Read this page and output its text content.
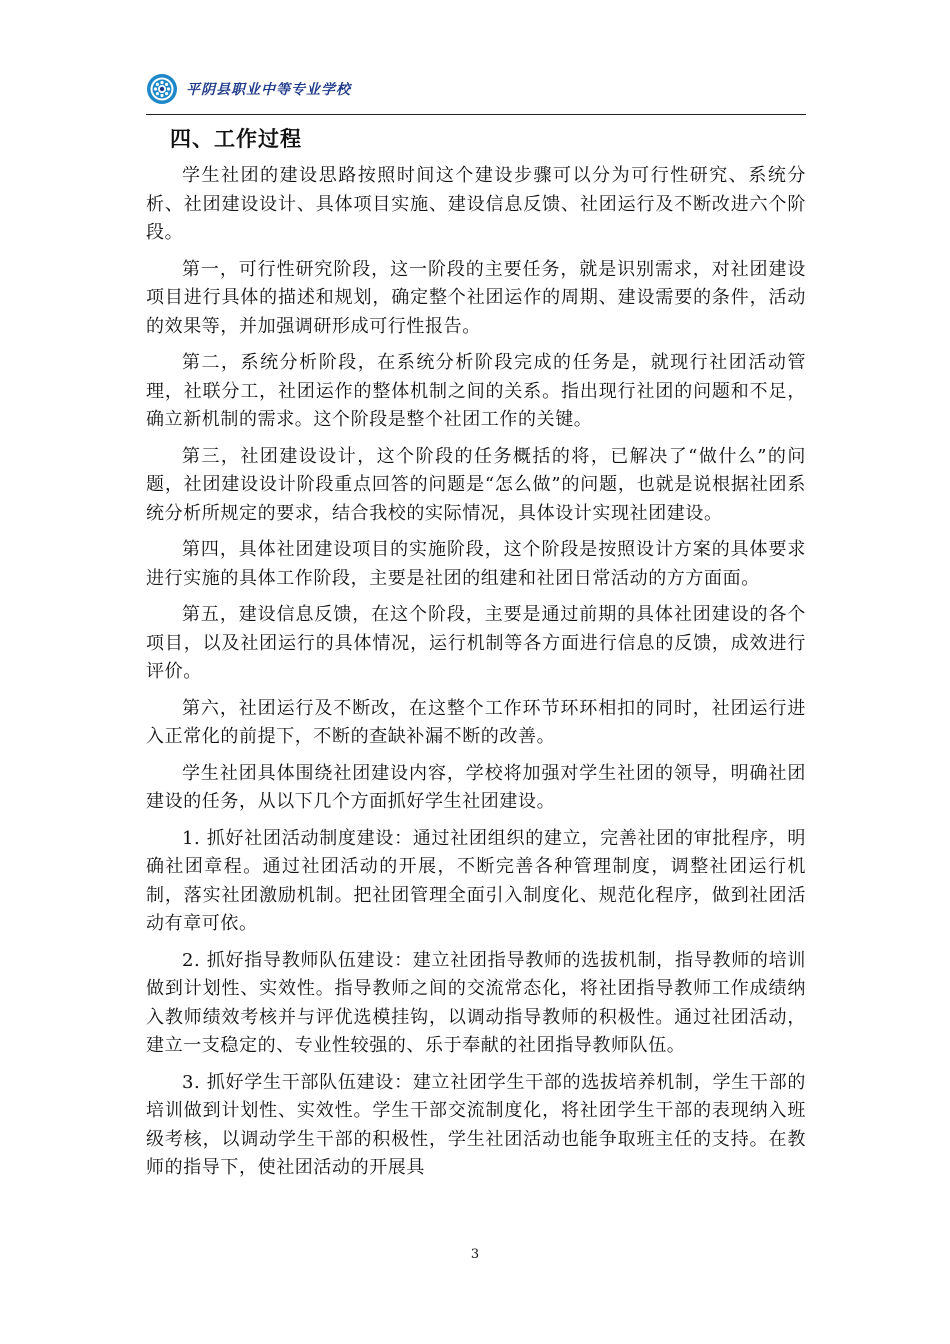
平阴县职业中等专业学校
四、工作过程

学生社团的建设思路按照时间这个建设步骤可以分为可行性研究、系统分析、社团建设设计、具体项目实施、建设信息反馈、社团运行及不断改进六个阶段。

第一，可行性研究阶段，这一阶段的主要任务，就是识别需求，对社团建设项目进行具体的描述和规划，确定整个社团运作的周期、建设需要的条件，活动的效果等，并加强调研形成可行性报告。

第二，系统分析阶段，在系统分析阶段完成的任务是，就现行社团活动管理，社联分工，社团运作的整体机制之间的关系。指出现行社团的问题和不足，确立新机制的需求。这个阶段是整个社团工作的关键。

第三，社团建设设计，这个阶段的任务概括的将，已解决了“做什么”的问题，社团建设设计阶段重点回答的问题是“怎么做”的问题，也就是说根据社团系统分析所规定的要求，结合我校的实际情况，具体设计实现社团建设。

第四，具体社团建设项目的实施阶段，这个阶段是按照设计方案的具体要求进行实施的具体工作阶段，主要是社团的组建和社团日常活动的方方面面。

第五，建设信息反馈，在这个阶段，主要是通过前期的具体社团建设的各个项目，以及社团运行的具体情况，运行机制等各方面进行信息的反馈，成效进行评价。

第六，社团运行及不断改，在这整个工作环节环环相扣的同时，社团运行进入正常化的前提下，不断的查缺补漏不断的改善。

学生社团具体围绕社团建设内容，学校将加强对学生社团的领导，明确社团建设的任务，从以下几个方面抓好学生社团建设。

1. 抓好社团活动制度建设：通过社团组织的建立，完善社团的审批程序，明确社团章程。通过社团活动的开展，不断完善各种管理制度，调整社团运行机制，落实社团激励机制。把社团管理全面引入制度化、规范化程序，做到社团活动有章可依。

2. 抓好指导教师队伍建设：建立社团指导教师的选拔机制，指导教师的培训做到计划性、实效性。指导教师之间的交流常态化，将社团指导教师工作成绩纳入教师绩效考核并与评优选模挂钩，以调动指导教师的积极性。通过社团活动，建立一支稳定的、专业性较强的、乐于奉献的社团指导教师队伍。

3. 抓好学生干部队伍建设：建立社团学生干部的选拔培养机制，学生干部的培训做到计划性、实效性。学生干部交流制度化，将社团学生干部的表现纳入班级考核，以调动学生干部的积极性，学生社团活动也能争取班主任的支持。在教师的指导下，使社团活动的开展具

3
